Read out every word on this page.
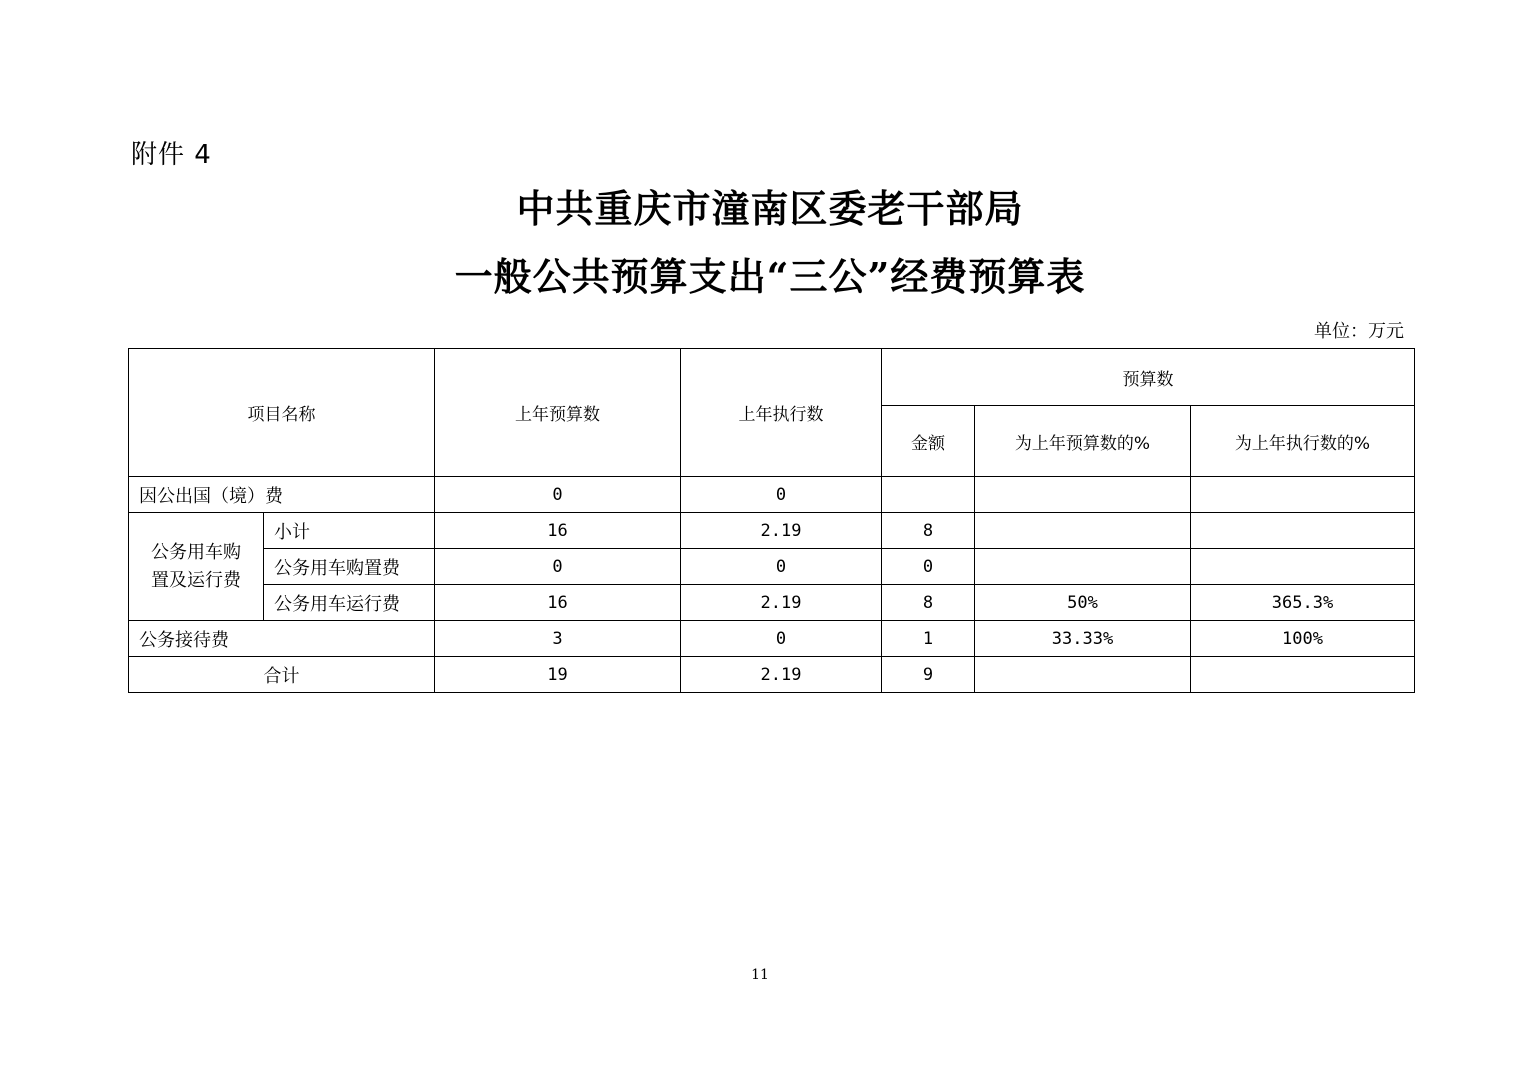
附件 4
中共重庆市潼南区委老干部局
一般公共预算支出“三公”经费预算表
单位：万元
项目名称		上年预算数	上年执行数	预算数		
				金额	为上年预算数的%	为上年执行数的%
因公出国（境）费		0	0			
公务用车购置及运行费	小计	16	2.19	8		
	公务用车购置费	0	0	0		
	公务用车运行费	16	2.19	8	50%	365.3%
公务接待费		3	0	1	33.33%	100%
合计		19	2.19	9		
11
